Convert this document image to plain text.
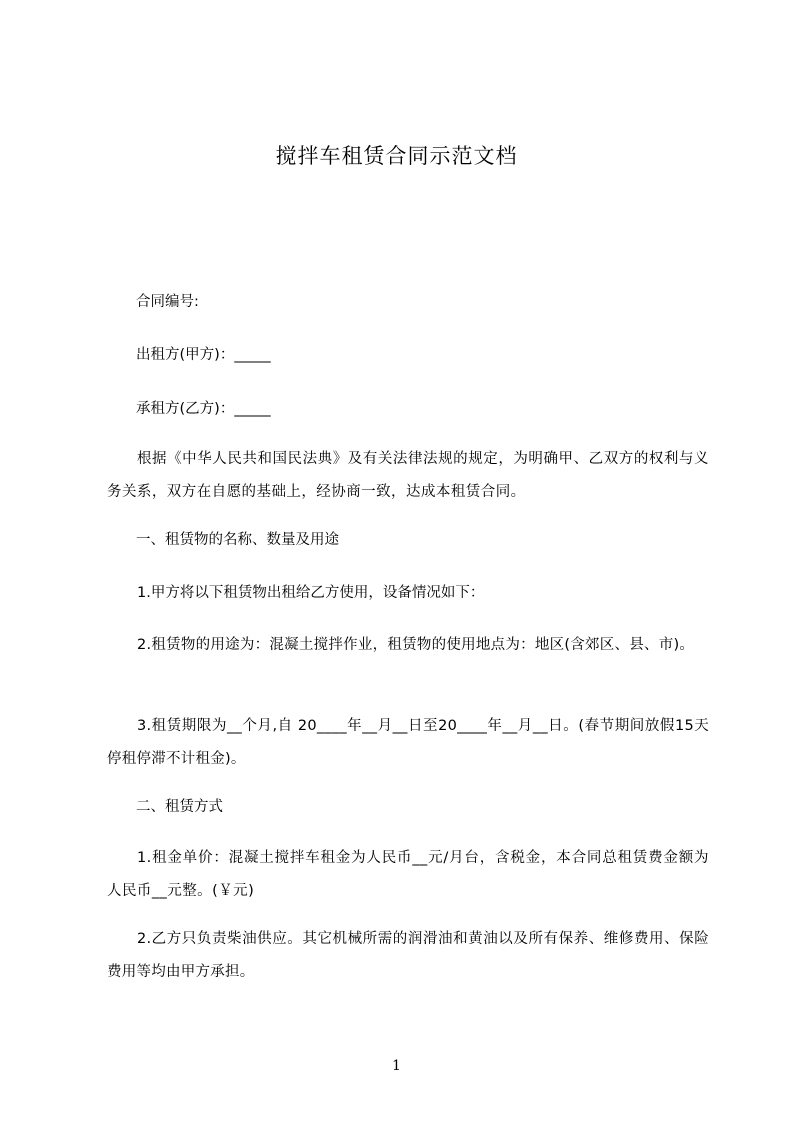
搅拌车租赁合同示范文档

合同编号:

出租方(甲方)：_____

承租方(乙方)：_____

根据《中华人民共和国民法典》及有关法律法规的规定，为明确甲、乙双方的权利与义务关系，双方在自愿的基础上，经协商一致，达成本租赁合同。

一、租赁物的名称、数量及用途

1.甲方将以下租赁物出租给乙方使用，设备情况如下：

2.租赁物的用途为：混凝土搅拌作业，租赁物的使用地点为：地区(含郊区、县、市)。

3.租赁期限为__个月,自 20____年__月__日至20____年__月__日。(春节期间放假15天停租停滞不计租金)。

二、租赁方式

1.租金单价：混凝土搅拌车租金为人民币__元/月台，含税金，本合同总租赁费金额为人民币__元整。(￥元)

2.乙方只负责柴油供应。其它机械所需的润滑油和黄油以及所有保养、维修费用、保险费用等均由甲方承担。

1
